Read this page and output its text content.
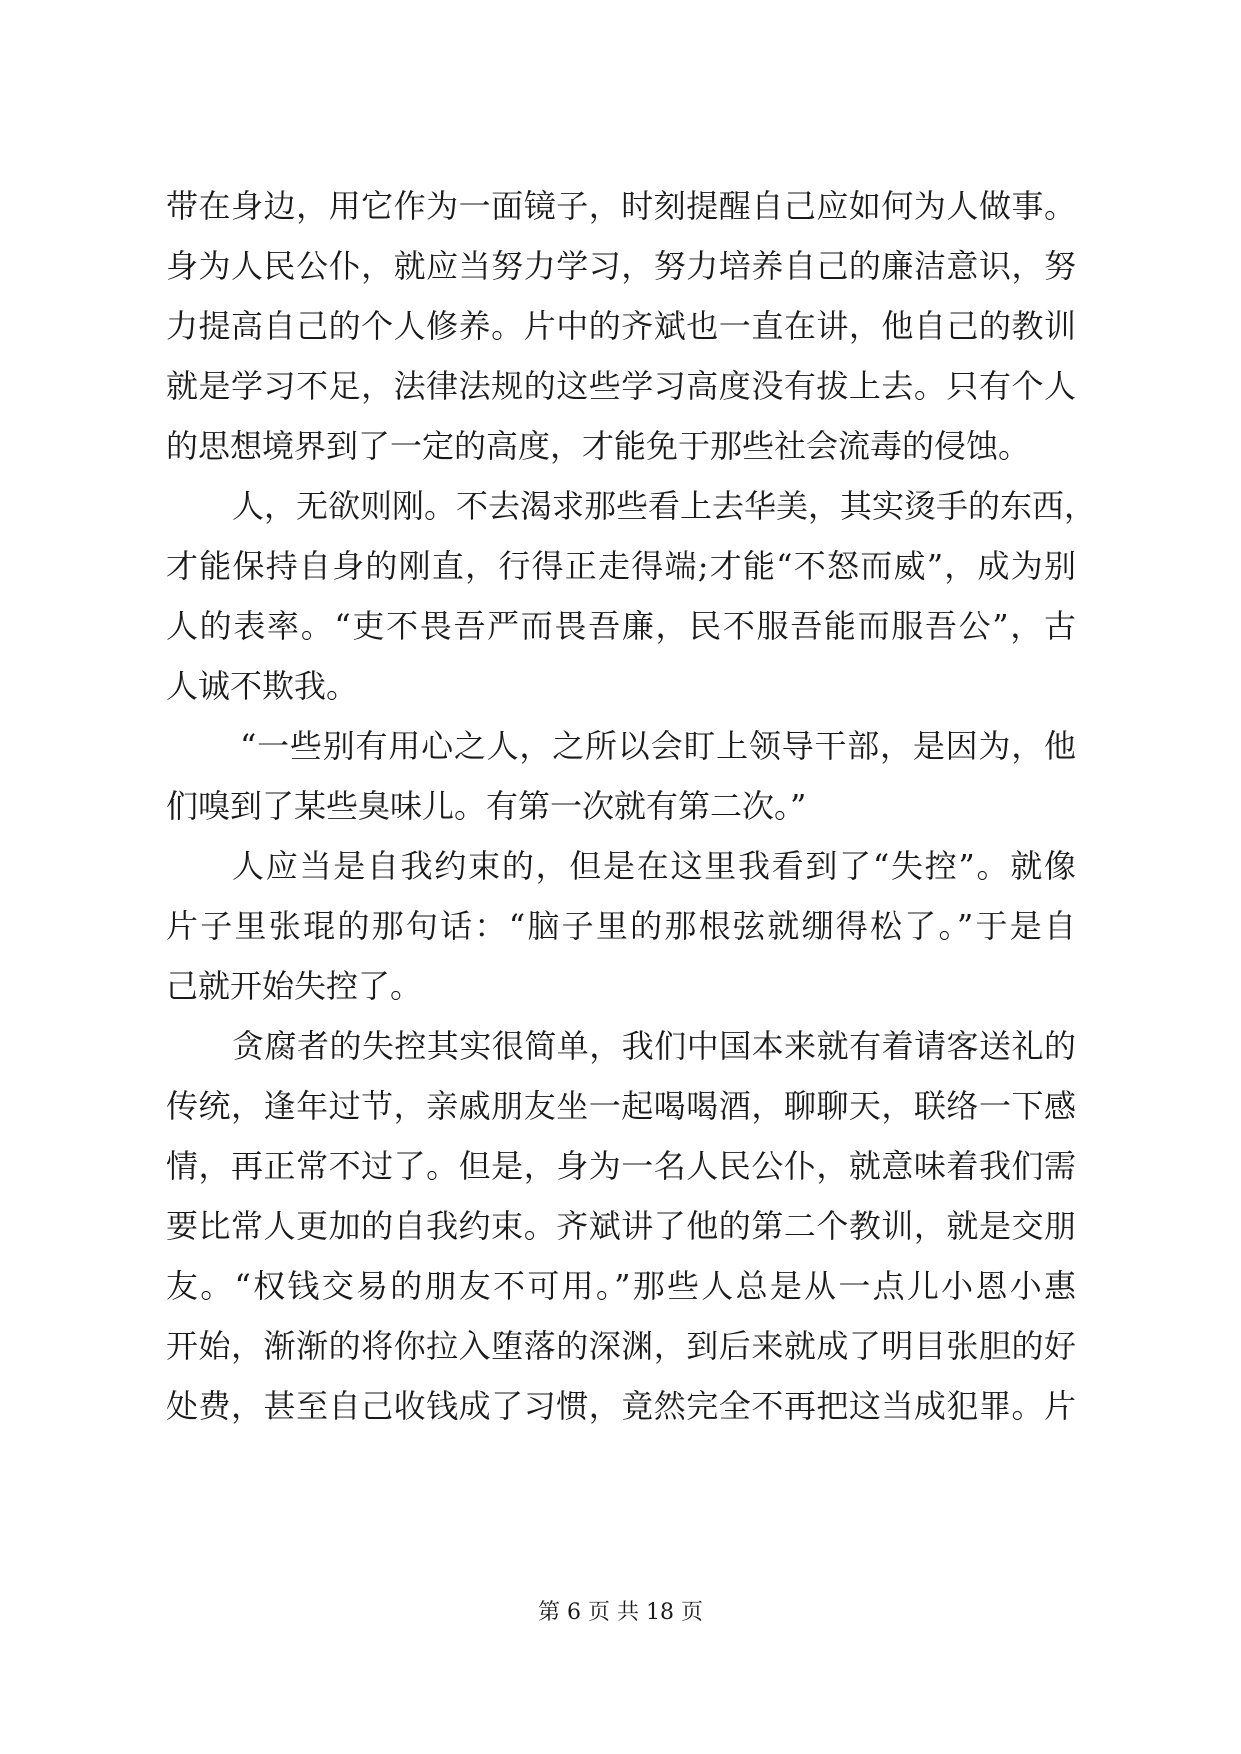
带在身边，用它作为一面镜子，时刻提醒自己应如何为人做事。
身为人民公仆，就应当努力学习，努力培养自己的廉洁意识，努
力提高自己的个人修养。片中的齐斌也一直在讲，他自己的教训
就是学习不足，法律法规的这些学习高度没有拔上去。只有个人
的思想境界到了一定的高度，才能免于那些社会流毒的侵蚀。
人，无欲则刚。不去渴求那些看上去华美，其实烫手的东西，
才能保持自身的刚直，行得正走得端;才能“不怒而威”，成为别
人的表率。“吏不畏吾严而畏吾廉，民不服吾能而服吾公”，古
人诚不欺我。
“一些别有用心之人，之所以会盯上领导干部，是因为，他
们嗅到了某些臭味儿。有第一次就有第二次。”
人应当是自我约束的，但是在这里我看到了“失控”。就像
片子里张琨的那句话：“脑子里的那根弦就绷得松了。”于是自
己就开始失控了。
贪腐者的失控其实很简单，我们中国本来就有着请客送礼的
传统，逢年过节，亲戚朋友坐一起喝喝酒，聊聊天，联络一下感
情，再正常不过了。但是，身为一名人民公仆，就意味着我们需
要比常人更加的自我约束。齐斌讲了他的第二个教训，就是交朋
友。“权钱交易的朋友不可用。”那些人总是从一点儿小恩小惠
开始，渐渐的将你拉入堕落的深渊，到后来就成了明目张胆的好
处费，甚至自己收钱成了习惯，竟然完全不再把这当成犯罪。片
第 6 页 共 18 页
